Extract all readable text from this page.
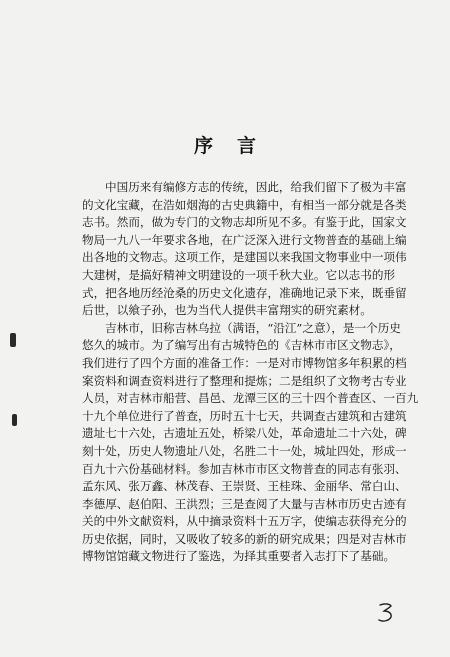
序言
中国历来有编修方志的传统，因此，给我们留下了极为丰富
的文化宝藏，在浩如烟海的古史典籍中，有相当一部分就是各类
志书。然而，做为专门的文物志却所见不多。有鉴于此，国家文
物局一九八一年要求各地，在广泛深入进行文物普查的基础上编
出各地的文物志。这项工作，是建国以来我国文物事业中一项伟
大建树，是搞好精神文明建设的一项千秋大业。它以志书的形
式，把各地历经沧桑的历史文化遗存，准确地记录下来，既垂留
后世，以飨子孙，也为当代人提供丰富翔实的研究素材。
吉林市，旧称吉林乌拉（满语，“沿江”之意），是一个历史
悠久的城市。为了编写出有古城特色的《吉林市市区文物志》，
我们进行了四个方面的准备工作：一是对市博物馆多年积累的档
案资料和调查资料进行了整理和提炼；二是组织了文物考古专业
人员，对吉林市船营、昌邑、龙潭三区的三十四个普查区、一百九
十九个单位进行了普查，历时五十七天，共调查古建筑和古建筑
遗址七十六处，古遗址五处，桥梁八处，革命遗址二十六处，碑
刻十处，历史人物遗址八处，名胜二十一处，城址四处，形成一
百九十六份基础材料。参加吉林市市区文物普查的同志有张羽、
孟东风、张万鑫、林茂春、王崇贤、王桂珠、金丽华、常白山、
李德厚、赵伯阳、王洪烈；三是查阅了大量与吉林市历史古迹有
关的中外文献资料，从中摘录资料十五万字，使编志获得充分的
历史依据，同时，又吸收了较多的新的研究成果；四是对吉林市
博物馆馆藏文物进行了鉴选，为择其重要者入志打下了基础。
